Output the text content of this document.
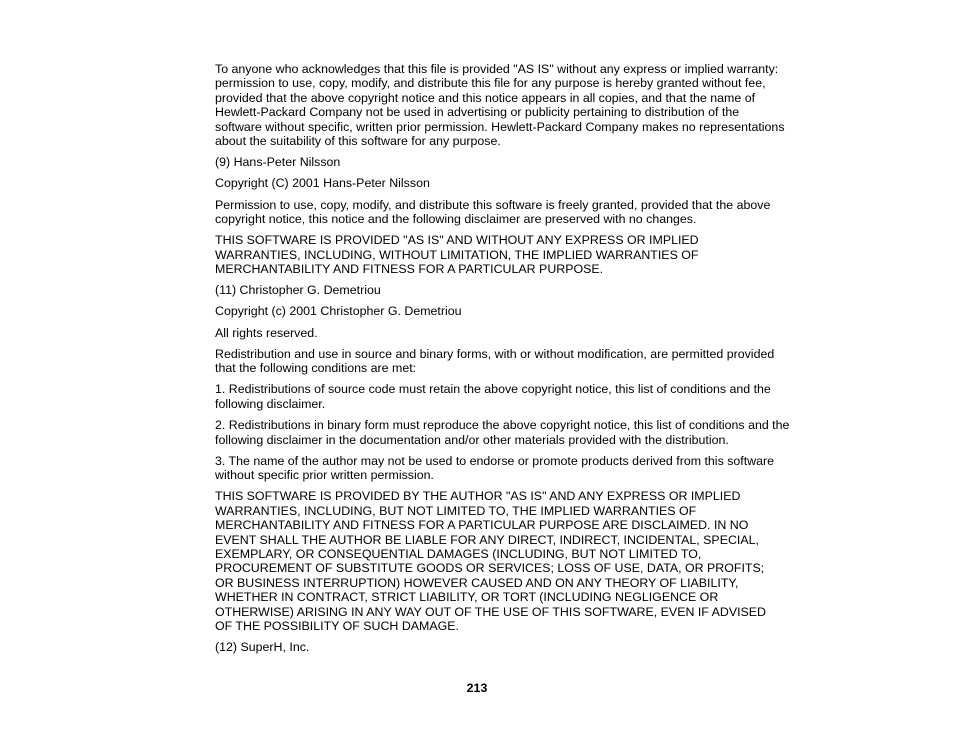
To anyone who acknowledges that this file is provided "AS IS" without any express or implied warranty:
permission to use, copy, modify, and distribute this file for any purpose is hereby granted without fee,
provided that the above copyright notice and this notice appears in all copies, and that the name of
Hewlett-Packard Company not be used in advertising or publicity pertaining to distribution of the
software without specific, written prior permission. Hewlett-Packard Company makes no representations
about the suitability of this software for any purpose.

(9) Hans-Peter Nilsson

Copyright (C) 2001 Hans-Peter Nilsson

Permission to use, copy, modify, and distribute this software is freely granted, provided that the above
copyright notice, this notice and the following disclaimer are preserved with no changes.

THIS SOFTWARE IS PROVIDED "AS IS" AND WITHOUT ANY EXPRESS OR IMPLIED
WARRANTIES, INCLUDING, WITHOUT LIMITATION, THE IMPLIED WARRANTIES OF
MERCHANTABILITY AND FITNESS FOR A PARTICULAR PURPOSE.

(11) Christopher G. Demetriou

Copyright (c) 2001 Christopher G. Demetriou

All rights reserved.

Redistribution and use in source and binary forms, with or without modification, are permitted provided
that the following conditions are met:

1. Redistributions of source code must retain the above copyright notice, this list of conditions and the
following disclaimer.

2. Redistributions in binary form must reproduce the above copyright notice, this list of conditions and the
following disclaimer in the documentation and/or other materials provided with the distribution.

3. The name of the author may not be used to endorse or promote products derived from this software
without specific prior written permission.

THIS SOFTWARE IS PROVIDED BY THE AUTHOR "AS IS" AND ANY EXPRESS OR IMPLIED
WARRANTIES, INCLUDING, BUT NOT LIMITED TO, THE IMPLIED WARRANTIES OF
MERCHANTABILITY AND FITNESS FOR A PARTICULAR PURPOSE ARE DISCLAIMED. IN NO
EVENT SHALL THE AUTHOR BE LIABLE FOR ANY DIRECT, INDIRECT, INCIDENTAL, SPECIAL,
EXEMPLARY, OR CONSEQUENTIAL DAMAGES (INCLUDING, BUT NOT LIMITED TO,
PROCUREMENT OF SUBSTITUTE GOODS OR SERVICES; LOSS OF USE, DATA, OR PROFITS;
OR BUSINESS INTERRUPTION) HOWEVER CAUSED AND ON ANY THEORY OF LIABILITY,
WHETHER IN CONTRACT, STRICT LIABILITY, OR TORT (INCLUDING NEGLIGENCE OR
OTHERWISE) ARISING IN ANY WAY OUT OF THE USE OF THIS SOFTWARE, EVEN IF ADVISED
OF THE POSSIBILITY OF SUCH DAMAGE.

(12) SuperH, Inc.

213
